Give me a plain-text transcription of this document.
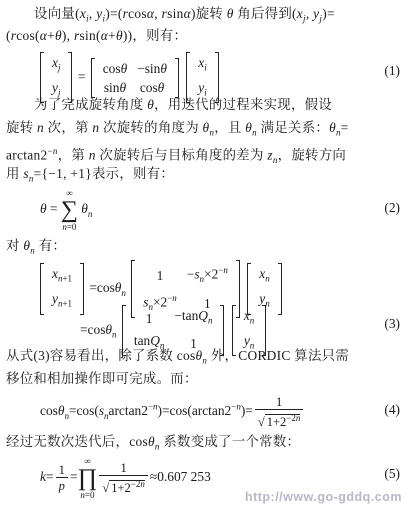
设向量($x_i$, $y_i)=(rcos\alpha$, rsinα)旋转 θ 角后得到($x_j$, $y_j)=$
(rcos(α+θ), rsin(α+θ))，则有：
$x_j$
$y_j$
=
cosθ	−sinθ
sinθ	cosθ

$x_i$
$y_i$
(1)
为了完成旋转角度 θ，用迭代的过程来实现，假设
旋转 n 次，第 n 次旋转的角度为 $\theta_n$，且 $\theta_n$ 满足关系：$\theta_n=$
$\arctan 2^{-n}$，第 n 次旋转后与目标角度的差为 $z_n$，旋转方向
用 $s_n=\{-1$, +1}表示，则有：
θ =
∞
∑
n=0
$\theta_n$	(2)
对 $\theta_n$ 有：
$x_{n+1}$
$y_{n+1}$
=cosθ$_n$
1	$-s_n\times 2^{-n}$
$s_n\times 2^{-n}$	1

$x_n$
$y_n$
=cosθ$_n$
1	−tanQ$_n$
tanQ$_n$	1

$x_n$
$y_n$
(3)
从式(3)容易看出，除了系数 cosθ$_n$ 外，CORDIC 算法只需
移位和相加操作即可完成。而：
$\cos\theta_n=\cos(s_n\arctan 2^{-n})=\cos(\arctan 2^{-n})= \frac{1}{√ 1+2^{-2n}}$	(4)
经过无数次迭代后，cosθ$_n$ 系数变成了一个常数：
$k= \frac{1}{p}$ =
∞
∏
$n=0 \frac{1}{√ 1+2^{-2n}} \approx 0.607$ 253	(5)
http://www.go-gddq.com
